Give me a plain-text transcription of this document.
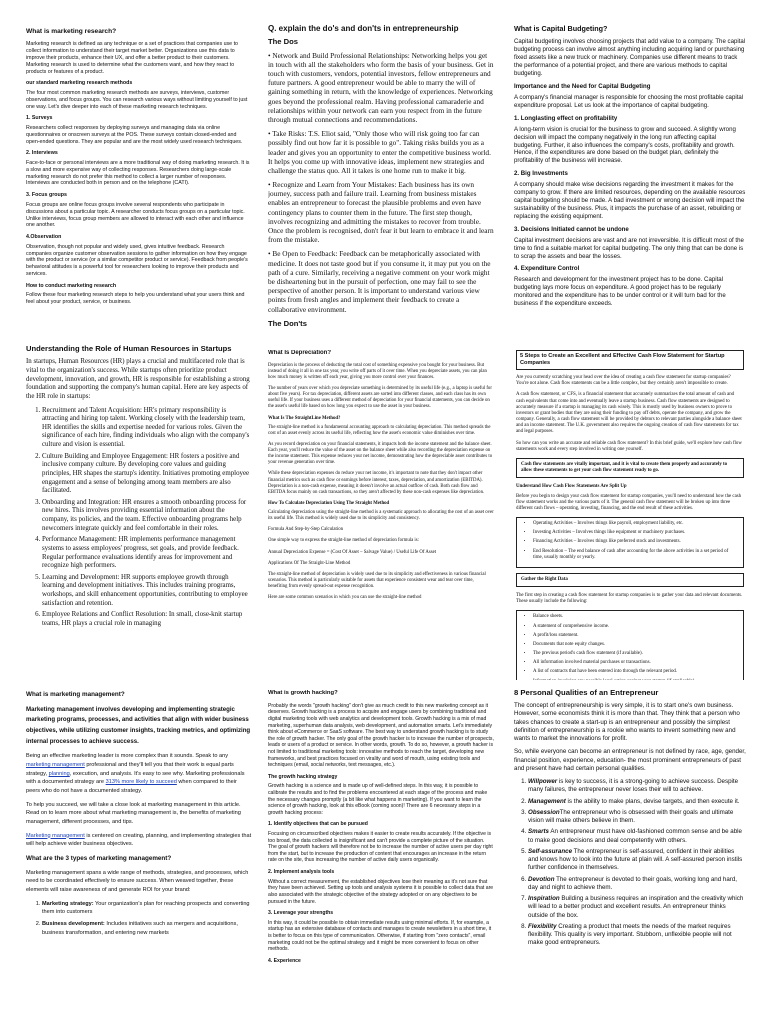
What is marketing research?

Marketing research is defined as any technique or a set of practices that companies use to collect information to understand their target market better. Organizations use this data to improve their products, enhance their UX, and offer a better product to their customers. Marketing research is used to determine what the customers want, and how they react to products or features of a product.

our standard marketing research methods

The four most common marketing research methods are surveys, interviews, customer observations, and focus groups. You can research various ways without limiting yourself to just one way. Let's dive deeper into each of these marketing research techniques.

1. Surveys

Researchers collect responses by deploying surveys and managing data via online questionnaires or onscreen surveys at the POS. These surveys contain closed-ended and open-ended questions. They are popular and are the most widely used research techniques.

2. Interviews

Face-to-face or personal interviews are a more traditional way of doing marketing research. It is a slow and more expensive way of collecting responses. Researchers doing large-scale marketing research do not prefer this method to collect a larger number of responses. Interviews are conducted both in person and on the telephone (CATI).

3. Focus groups

Focus groups are online focus groups involve several respondents who participate in discussions about a particular topic. A researcher conducts focus groups on a particular topic. Unlike interviews, focus group members are allowed to interact with each other and influence one another.

4.Observation

Observation, though not popular and widely used, gives intuitive feedback. Research companies organize customer observation sessions to gather information on how they engage with the product or service (or a similar competitor product or service). Feedback from people's behavioral attitudes is a powerful tool for researchers looking to improve their products and services.

How to conduct marketing research

Follow these four marketing research steps to help you understand what your users think and feel about your product, service, or business.

Q. explain the do's and don'ts in entrepreneurship
The Dos

• Network and Build Professional Relationships: Networking helps you get in touch with all the stakeholders who form the basis of your business. Get in touch with customers, vendors, potential investors, fellow entrepreneurs and future partners. A good entrepreneur would be able to marry the will of gaining something in return, with the knowledge of experiences. Networking goes beyond the professional realm. Having professional camaraderie and relationships within your network can earn you respect from in the future through mutual connections and recommendations.

• Take Risks: T.S. Eliot said, "Only those who will risk going too far can possibly find out how far it is possible to go". Taking risks builds you as a leader and gives you an opportunity to enter the competitive business world. It helps you come up with innovative ideas, implement new strategies and challenge the status quo. All it takes is one home run to make it big.

• Recognize and Learn from Your Mistakes: Each business has its own journey, success path and failure trail. Learning from business mistakes enables an entrepreneur to forecast the plausible problems and even have contingency plans to counter them in the future. The first step though, involves recognizing and admitting the mistakes to recover from trouble. Once the problem is recognised, don't fear it but learn to embrace it and learn from the mistake.

• Be Open to Feedback: Feedback can be metaphorically associated with medicine. It does not taste good but if you consume it, it may put you on the path of a cure. Similarly, receiving a negative comment on your work might be disheartening but in the pursuit of perfection, one may fail to see the perspective of another person. It is important to understand various view points from fresh angles and implement their feedback to create a collaborative environment.

The Don'ts

What is Capital Budgeting?

Capital budgeting involves choosing projects that add value to a company. The capital budgeting process can involve almost anything including acquiring land or purchasing fixed assets like a new truck or machinery. Companies use different means to track the performance of a potential project, and there are various methods to capital budgeting.

Importance and the Need for Capital Budgeting

A company's financial manager is responsible for choosing the most profitable capital expenditure proposal. Let us look at the importance of capital budgeting.

1. Longlasting effect on profitability

A long-term vision is crucial for the business to grow and succeed. A slightly wrong decision will impact the company negatively in the long run affecting capital budgeting. Further, it also influences the company's costs, profitability and growth. Hence, if the expenditures are done based on the budget plan, definitely the profitability of the business will increase.

2. Big Investments

A company should make wise decisions regarding the investment it makes for the company to grow. If there are limited resources, depending on the available resources capital budgeting should be made. A bad investment or wrong decision will impact the sustainability of the business. Plus, it impacts the purchase of an asset, rebuilding or replacing the existing equipment.

3. Decisions Initiated cannot be undone

Capital investment decisions are vast and are not irreversible. It is difficult most of the time to find a suitable market for capital budgeting. The only thing that can be done is to scrap the assets and bear the losses.

4. Expenditure Control

Research and development for the investment project has to be done. Capital budgeting lays more focus on expenditure. A good project has to be regularly monitored and the expenditure has to be under control or it will turn bad for the business if the expenditure exceeds.

Understanding the Role of Human Resources in Startups

In startups, Human Resources (HR) plays a crucial and multifaceted role that is vital to the organization's success. While startups often prioritize product development, innovation, and growth, HR is responsible for establishing a strong foundation and supporting the company's human capital. Here are key aspects of the HR role in startups:

1. Recruitment and Talent Acquisition: HR's primary responsibility is attracting and hiring top talent. Working closely with the leadership team, HR identifies the skills and expertise needed for various roles. Given the significance of each hire, finding individuals who align with the company's culture and vision is essential.
2. Culture Building and Employee Engagement: HR fosters a positive and inclusive company culture. By developing core values and guiding principles, HR shapes the startup's identity. Initiatives promoting employee engagement and a sense of belonging among team members are also facilitated.
3. Onboarding and Integration: HR ensures a smooth onboarding process for new hires. This involves providing essential information about the company, its policies, and the team. Effective onboarding programs help newcomers integrate quickly and feel comfortable in their roles.
4. Performance Management: HR implements performance management systems to assess employees' progress, set goals, and provide feedback. Regular performance evaluations identify areas for improvement and recognize high performers.
5. Learning and Development: HR supports employee growth through learning and development initiatives. This includes training programs, workshops, and skill enhancement opportunities, contributing to employee satisfaction and retention.
6. Employee Relations and Conflict Resolution: In small, close-knit startup teams, HR plays a crucial role in managing
What Is Depreciation?

Depreciation is the process of deducting the total cost of something expensive you bought for your business. But instead of doing it all in one tax year, you write off parts of it over time. When you depreciate assets, you can plan how much money is written off each year, giving you more control over your finances.

The number of years over which you depreciate something is determined by its useful life (e.g., a laptop is useful for about five years). For tax depreciation, different assets are sorted into different classes, and each class has its own useful life. If your business uses a different method of depreciation for your financial statements, you can decide on the asset's useful life based on how long you expect to use the asset in your business.

What Is The StraightLine Method?

The straight-line method is a fundamental accounting approach to calculating depreciation. This method spreads the cost of an asset evenly across its useful life, reflecting how the asset's economic value diminishes over time.

As you record depreciation on your financial statements, it impacts both the income statement and the balance sheet. Each year, you'll reduce the value of the asset on the balance sheet while also recording the depreciation expense on the income statement. This expense reduces your net income, demonstrating how the depreciable asset contributes to your revenue generation over time.

While these depreciation expenses do reduce your net income, it's important to note that they don't impact other financial metrics such as cash flow or earnings before interest, taxes, depreciation, and amortization (EBITDA). Depreciation is a non-cash expense, meaning it doesn't involve an actual outflow of cash. Both cash flow and EBITDA focus mainly on cash transactions, so they aren't affected by these non-cash expenses like depreciation.

How To Calculate Depreciation Using The Straight Method

Calculating depreciation using the straight-line method is a systematic approach to allocating the cost of an asset over its useful life. This method is widely used due to its simplicity and consistency.

Formula And Step-by-Step Calculation

One simple way to express the straight-line method of depreciation formula is:

Annual Depreciation Expense = (Cost Of Asset – Salvage Value) / Useful Life Of Asset

Applications Of The Straight-Line Method

The straight-line method of depreciation is widely used due to its simplicity and effectiveness in various financial scenarios. This method is particularly suitable for assets that experience consistent wear and tear over time, benefiting from evenly spread-out expense recognition.

Here are some common scenarios in which you can use the straight-line method

5 Steps to Create an Excellent and Effective Cash Flow Statement for Startup Companies

Are you currently scratching your head over the idea of creating a cash flow statement for startup companies? You're not alone. Cash flow statements can be a little complex, but they certainly aren't impossible to create.

A cash flow statement, or CFS, is a financial statement that accurately summarizes the total amount of cash and cash equivalents that come into and eventually leave a startup business. Cash flow statements are designed to accurately measure if a startup is managing its cash wisely. This is mostly used by business owners to prove to investors or grant bodies that they are using their funding to pay off debts, operate the company, and grow the company. Generally, a cash flow statement will be provided by debtors to relevant parties alongside a balance sheet and an income statement. The U.K. government also requires the ongoing creation of cash flow statements for tax and legal purposes.

So how can you write an accurate and reliable cash flow statement? In this brief guide, we'll explore how cash flow statements work and every step involved in writing one yourself.

Cash flow statements are vitally important, and it is vital to create them properly and accurately to allow these statements to get your cash flow statement ready to go.
Understand How Cash Flow Statements Are Split Up

Before you begin to design your cash flow statement for startup companies, you'll need to understand how the cash flow statement works and the various parts of it. The general cash flow statement will be broken up into three different cash flows – operating, investing, financing, and the end result of these activities.

• Operating Activities – Involves things like payroll, employment liability, etc.
• Investing Activities – Involves things like equipment or machinery purchases.
• Financing Activities – Involves things like preferred stock and investments.
• End Resolution – The end balance of cash after accounting for the above activities in a set period of time, usually monthly or yearly.
Gather the Right Data

The first step in creating a cash flow statement for startup companies is to gather your data and relevant documents. These usually include the following:

• Balance sheets.
• A statement of comprehensive income.
• A profit/loss statement.
• Documents that note equity changes.
• The previous period's cash flow statement (if available).
• All information involved material purchases or transactions.
• A list of contracts that have been entered into through the relevant period.
•
What is marketing management?

Marketing management involves developing and implementing strategic marketing programs, processes, and activities that align with wider business objectives, while utilizing customer insights, tracking metrics, and optimizing internal processes to achieve success.

Being an effective marketing leader is more complex than it sounds. Speak to any marketing management professional and they'll tell you that their work is equal parts strategy, planning, execution, and analysis. It's easy to see why. Marketing professionals with a documented strategy are 313% more likely to succeed when compared to their peers who do not have a documented strategy.

To help you succeed, we will take a close look at marketing management in this article. Read on to learn more about what marketing management is, the benefits of marketing management, different processes, and tips.

Marketing management is centered on creating, planning, and implementing strategies that will help achieve wider business objectives.

What are the 3 types of marketing management?

Marketing management spans a wide range of methods, strategies, and processes, which need to be coordinated effectively to ensure success. When weaved together, these elements will raise awareness of and generate ROI for your brand:

1. Marketing strategy: Your organization's plan for reaching prospects and converting them into customers
2. Business development: Includes initiatives such as mergers and acquisitions, business transformation, and entering new markets
What is growth hacking?

Probably the words "growth hacking" don't give as much credit to this new marketing concept as it deserves. Growth hacking is a process to acquire and engage users by combining traditional and digital marketing tools with web analytics and development tools. Growth hacking is a mix of mad marketing, superhuman data analysis, web development, and automation smarts. Let's immediately think about eCommerce or SaaS software. The best way to understand growth hacking is to study the role of growth hacker. The only goal of the growth hacker is to increase the number of prospects, leads or users of a product or service. In other words, growth. To do so, however, a growth hacker is not limited to traditional marketing tools: innovative methods to reach the target, developing new frameworks, and best practices focused on virality and word of mouth, using existing tools and techniques (email, social networks, text messages, etc.).

The growth hacking strategy

Growth hacking is a science and is made up of well-defined steps. In this way, it is possible to calibrate the results and to find the problems encountered at each stage of the process and make the necessary changes promptly (a bit like what happens in marketing). If you want to learn the science of growth hacking, look at this eBook (coming soon)! There are 6 necessary steps in a growth hacking process:

1. Identify objectives that can be pursued

Focusing on circumscribed objectives makes it easier to create results accurately. If the objective is too broad, the data collected is insignificant and can't provide a complete picture of the situation. The goal of growth hackers will therefore not be to increase the number of active users per day right from the start, but to increase the production of content that encourages an increase in the return rate on the site, thus increasing the number of active daily users organically.

2. Implement analysis tools

Without a correct measurement, the established objectives lose their meaning as it's not sure that they have been achieved. Setting up tools and analysis systems it is possible to collect data that are also associated with the strategic objective of the strategy adopted or on any objectives to be pursued in the future.

3. Leverage your strengths

In this way, it could be possible to obtain immediate results using minimal efforts. If, for example, a startup has an extensive database of contacts and manages to create newsletters in a short time, it is better to focus on this type of communication. Otherwise, if starting from "zero contacts", email marketing could not be the optimal strategy and it might be more convenient to focus on other methods.

4. Experience
8 Personal Qualities of an Entrepreneur

The concept of entrepreneurship is very simple, it is to start one's own business. However, some economists think it is more than that. They think that a person who takes chances to create a start-up is an entrepreneur and possibly the simplest definition of entrepreneurship is a rookie who wants to invent something new and wants to market the innovations for profit.

So, while everyone can become an entrepreneur is not defined by race, age, gender, financial position, experience, education- the most prominent entrepreneurs of past and present have had certain personal qualities.

1. Willpower is key to success, it is a strong-going to achieve success. Despite many failures, the entrepreneur never loses their will to achieve.
2. Management is the ability to make plans, devise targets, and then execute it.
3. ObsessionThe entrepreneur who is obsessed with their goals and ultimate vision will make others believe in them.
4. Smarts An entrepreneur must have old-fashioned common sense and be able to make good decisions and deal competently with others.
5. Self-assurance The entrepreneur is self-assured, confident in their abilities and knows how to look into the future at plain will. A self-assured person instils further confidence in themselves.
6. Devotion The entrepreneur is devoted to their goals, working long and hard, day and night to achieve them.
7. Inspiration Building a business requires an inspiration and the creativity which will lead to a better product and excellent results. An entrepreneur thinks outside of the box.
8. Flexibility Creating a product that meets the needs of the market requires flexibility. This quality is very important. Stubborn, unflexible people will not make good entrepreneurs.
